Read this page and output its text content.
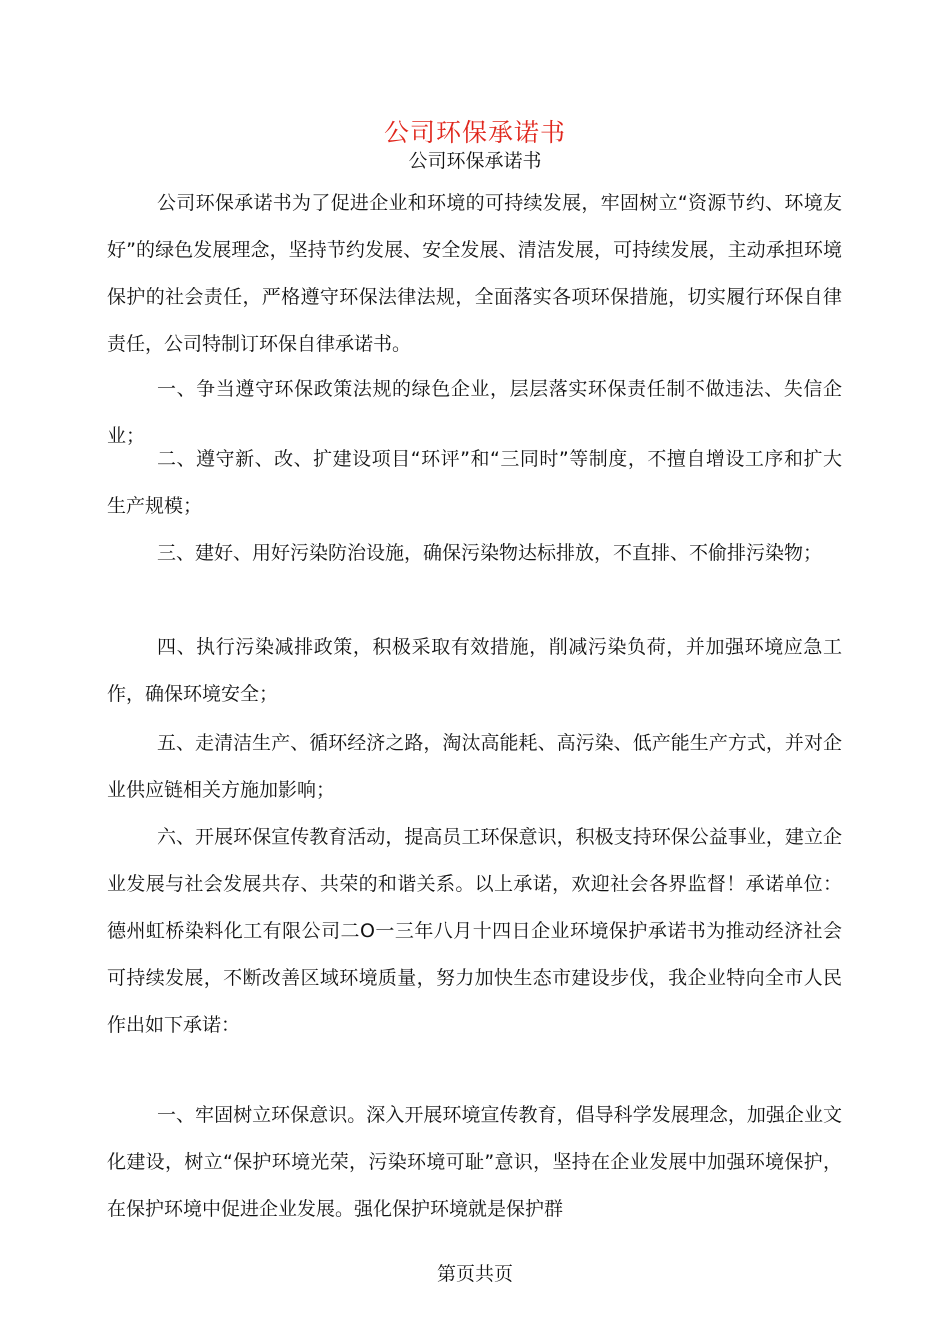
公司环保承诺书
公司环保承诺书

公司环保承诺书为了促进企业和环境的可持续发展，牢固树立“资源节约、环境友好”的绿色发展理念，坚持节约发展、安全发展、清洁发展，可持续发展，主动承担环境保护的社会责任，严格遵守环保法律法规，全面落实各项环保措施，切实履行环保自律责任，公司特制订环保自律承诺书。

一、争当遵守环保政策法规的绿色企业，层层落实环保责任制不做违法、失信企业；

二、遵守新、改、扩建设项目“环评”和“三同时”等制度，不擅自增设工序和扩大生产规模；

三、建好、用好污染防治设施，确保污染物达标排放，不直排、不偷排污染物；

四、执行污染减排政策，积极采取有效措施，削减污染负荷，并加强环境应急工作，确保环境安全；

五、走清洁生产、循环经济之路，淘汰高能耗、高污染、低产能生产方式，并对企业供应链相关方施加影响；

六、开展环保宣传教育活动，提高员工环保意识，积极支持环保公益事业，建立企业发展与社会发展共存、共荣的和谐关系。以上承诺，欢迎社会各界监督！承诺单位：德州虹桥染料化工有限公司二O一三年八月十四日企业环境保护承诺书为推动经济社会可持续发展，不断改善区域环境质量，努力加快生态市建设步伐，我企业特向全市人民作出如下承诺：

一、牢固树立环保意识。深入开展环境宣传教育，倡导科学发展理念，加强企业文化建设，树立“保护环境光荣，污染环境可耻”意识，坚持在企业发展中加强环境保护，在保护环境中促进企业发展。强化保护环境就是保护群

第页共页
